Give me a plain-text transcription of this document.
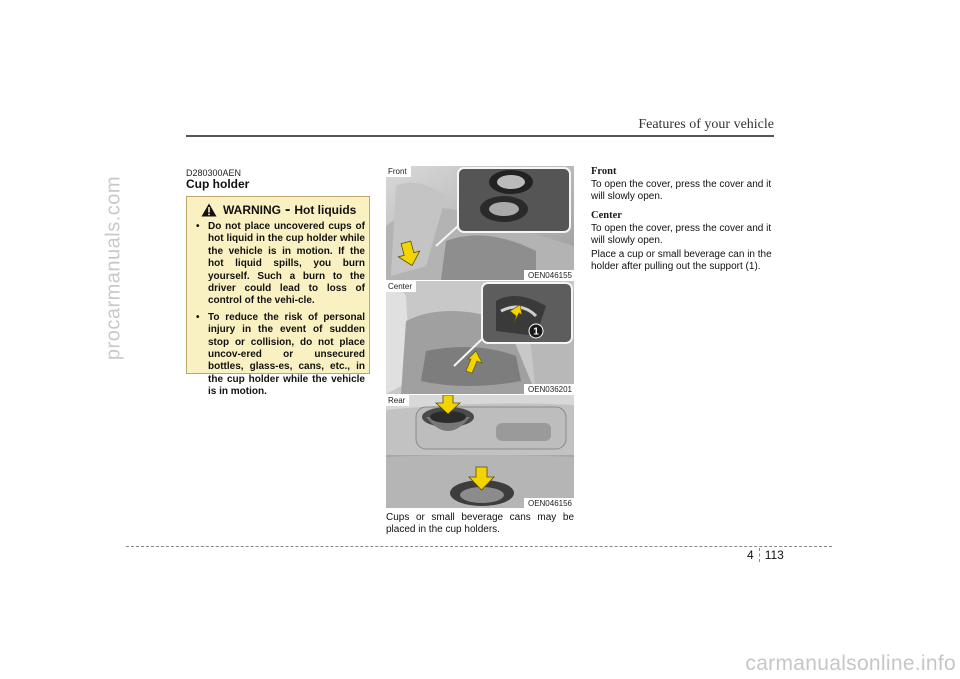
procarmanuals.com
Features of your vehicle
D280300AEN
Cup holder
WARNING - Hot liquids
• Do not place uncovered cups of hot liquid in the cup holder while the vehicle is in motion. If the hot liquid spills, you burn yourself. Such a burn to the driver could lead to loss of control of the vehi-cle.
• To reduce the risk of personal injury in the event of sudden stop or collision, do not place uncov-ered or unsecured bottles, glass-es, cans, etc., in the cup holder while the vehicle is in motion.
Front
OEN046155
1
Center
OEN036201
Rear
OEN046156

Cups or small beverage cans may be placed in the cup holders.

Front

To open the cover, press the cover and it will slowly open.

Center

To open the cover, press the cover and it will slowly open.

Place a cup or small beverage can in the holder after pulling out the support (1).

4 113
carmanualsonline.info
